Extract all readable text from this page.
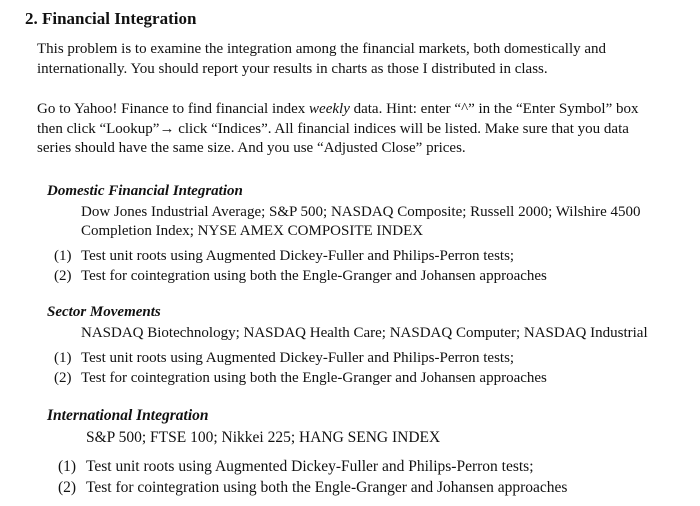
2. Financial Integration
This problem is to examine the integration among the financial markets, both domestically and
internationally. You should report your results in charts as those I distributed in class.
Go to Yahoo! Finance to find financial index weekly data. Hint: enter “^” in the “Enter Symbol” box
then click “Lookup”→ click “Indices”. All financial indices will be listed. Make sure that you data
series should have the same size. And you use “Adjusted Close” prices.
Domestic Financial Integration
Dow Jones Industrial Average; S&P 500; NASDAQ Composite; Russell 2000; Wilshire 4500
Completion Index; NYSE AMEX COMPOSITE INDEX
(1) Test unit roots using Augmented Dickey-Fuller and Philips-Perron tests;
(2) Test for cointegration using both the Engle-Granger and Johansen approaches
Sector Movements
NASDAQ Biotechnology; NASDAQ Health Care; NASDAQ Computer; NASDAQ Industrial
(1) Test unit roots using Augmented Dickey-Fuller and Philips-Perron tests;
(2) Test for cointegration using both the Engle-Granger and Johansen approaches
International Integration
S&P 500; FTSE 100; Nikkei 225; HANG SENG INDEX
(1) Test unit roots using Augmented Dickey-Fuller and Philips-Perron tests;
(2) Test for cointegration using both the Engle-Granger and Johansen approaches
